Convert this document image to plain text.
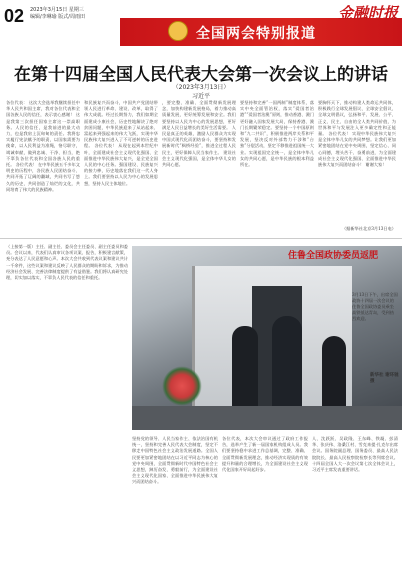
02 2023年3月15日 星期三
编辑/李琳瑜 版式/周雨田
全国两会特别报道
金融时报
在第十四届全国人民代表大会第一次会议上的讲话
（2023年3月13日）
习近平
各位代表： 这次大会选举我继续担任中华人民共和国主席，我对各位代表和全国各族人民的信任，表示衷心感谢！ 这是我第三次担任国家主席这一崇高职务。人民的信任，是我前进的最大动力，也是我肩上沉甸甸的责任。我将忠实履行宪法赋予的职责，以国家需要为使命，以人民利益为准绳，恪尽职守，竭诚奉献，做到忠诚、干净、担当，绝不辜负各位代表和全国各族人民的重托。 各位代表！ 在中华民族五千多年文明史的历程中，各民族人民团结奋斗、共同开拓了辽阔的疆域，共同书写了悠久的历史，共同创造了灿烂的文化，共同培育了伟大的民族精神。
和民族复兴而奋斗，中国共产党团结带领人民进行革命、建设、改革，取得了伟大成就。经过长期努力，我们如期全面建成小康社会，历史性地解决了绝对贫困问题，中华民族迎来了从站起来、富起来到强起来的伟大飞跃，实现中华民族伟大复兴进入了不可逆转的历史进程。 各位代表！ 从现在起到本世纪中叶，全面建成社会主义现代化强国、全面推进中华民族伟大复兴，是全党全国人民的中心任务。强国建设、民族复兴的接力棒，历史地落在我们这一代人身上。我们要坚持以人民为中心的发展思想，坚持人民主体地位。
，要完整、准确、全面贯彻新发展理念，加快构建新发展格局，着力推动高质量发展，更好统筹发展和安全。我们要坚持以人民为中心的发展思想，更好满足人民日益增长的美好生活需要。 人民是真正的英雄，激励人民群众为实现中国式现代化而团结奋斗，要坚持和发展新时代“枫桥经验”，推进全过程人民民主，更好保障人民当家作主。 建设社会主义现代化强国，是全体中华儿女的共同心愿。
要坚持和完善“一国两制”制度体系，落实中央全面管治权，落实“爱国者治港”“爱国者治澳”原则，推动香港、澳门更好融入国家发展大局，保持香港、澳门长期繁荣稳定。要坚持一个中国原则和“九二共识”，积极推进两岸关系和平发展，坚决反对外部势力干涉和“台独”分裂活动，坚定不移推进祖国统一大业。实现祖国完全统一，是全体中华儿女的共同心愿，是中华民族的根本利益所在。
要胸怀天下，推动构建人类命运共同体，积极践行全球发展倡议、全球安全倡议、全球文明倡议，弘扬和平、发展、公平、正义、民主、自由的全人类共同价值，为世界和平与发展注入更多确定性和正能量。 各位代表！ 实现中华民族伟大复兴是全体中华儿女的共同梦想。让我们更加紧密地团结在党中央周围，坚定信心、同心同德，埋头苦干、奋勇前进，为全面建成社会主义现代化强国、全面推进中华民族伟大复兴而团结奋斗！ 谢谢大家！
（据新华社北京3月13日电）
（上接第一版）主任、副主任、委员会主任委员、副主任委员和委员。会议以来，代表们认真审议各项议案、报告，积极建言献策，充分表达了人民意愿和心声。本次大会共收到代表议案和建议共计一千余件，这些议案和建议反映了人民群众的期盼和诉求，为推动经济社会发展、完善法律制度提供了有益借鉴。我们将认真研究处理，切实加以落实，不辜负人民代表的信任和重托。
住鲁全国政协委员返肥
3月13日下午，出席全国政协十四届一次会议的住鲁全国政协委员乘坐高铁抵达青岛，受到热烈欢迎。
新华社 谢环驰 摄
坚持党的领导、人民当家作主、依法治国有机统一，坚持和完善人民代表大会制度，坚定不移走中国特色社会主义政治发展道路。全国人民要更加紧密地团结在以习近平同志为核心的党中央周围，全面贯彻新时代中国特色社会主义思想，踔厉奋发、勇毅前行，为全面建设社会主义现代化国家、全面推进中华民族伟大复兴而团结奋斗。
各位代表，本次大会审议通过了政府工作报告，选举产生了新一届国家机构组成人员。我们要坚持稳中求进工作总基调，完整、准确、全面贯彻新发展理念，推动经济实现质的有效提升和量的合理增长，为全面建设社会主义现代化国家开好局起好步。
人、沈跃跃、吴政隆、王东峰、铁凝、彭清华、张庆伟、洛桑江村、雪克来提·扎克尔出席会议。国务院副总理、国务委员、最高人民法院院长、最高人民检察院检察长等列席会议。十四届全国人大一次会议第七次全体会议上，习近平主席发表重要讲话。
